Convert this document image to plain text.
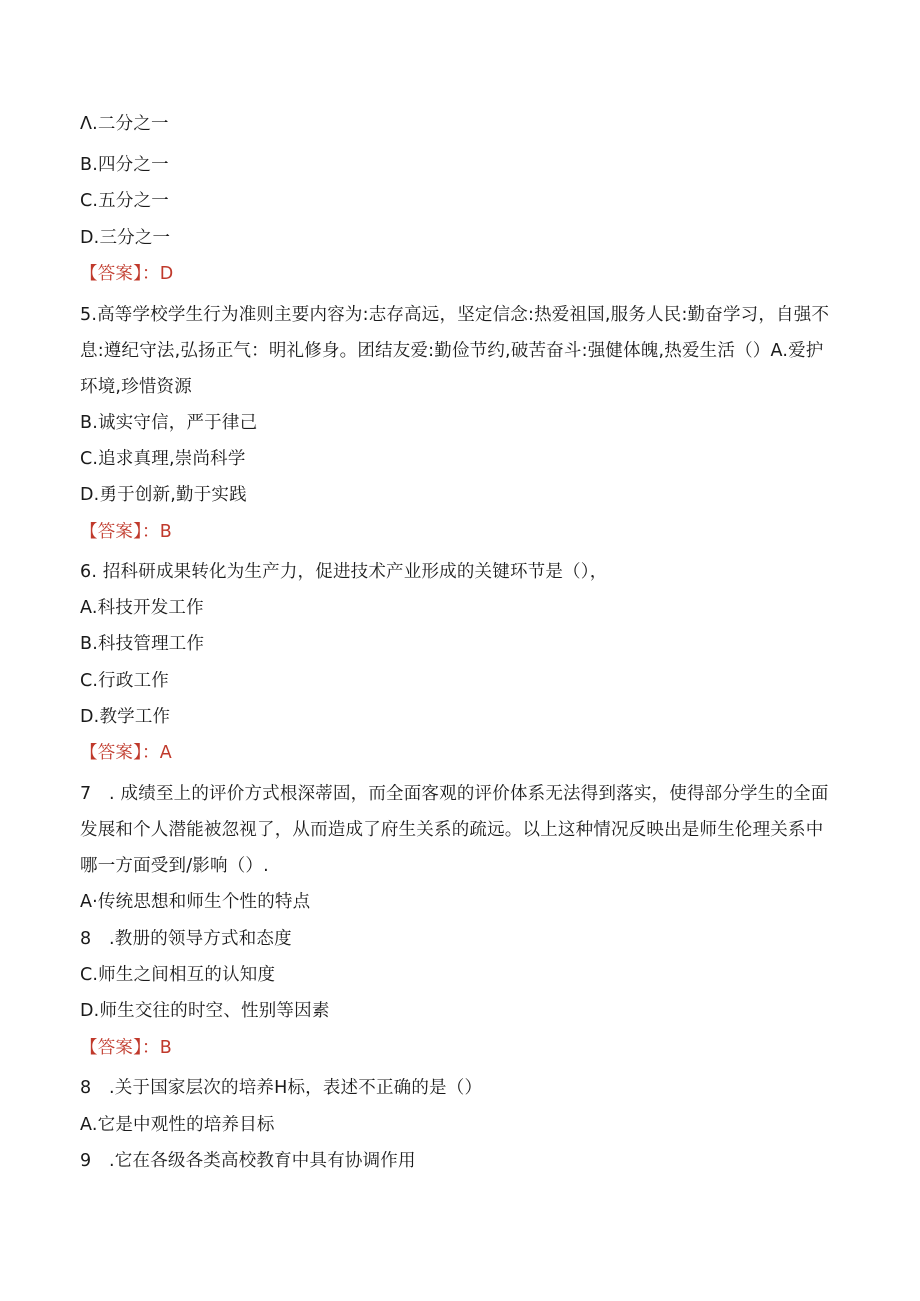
Λ.二分之一
B.四分之一
C.五分之一
D.三分之一
【答案】：D
5.高等学校学生行为准则主要内容为:志存高远，坚定信念:热爱祖国,服务人民:勤奋学习，自强不息:遵纪守法,弘扬正气：明礼修身。团结友爱:勤俭节约,破苦奋斗:强健体魄,热爱生活（）A.爱护环境,珍惜资源
B.诚实守信，严于律己
C.追求真理,崇尚科学
D.勇于创新,勤于实践
【答案】：B
6. 招科研成果转化为生产力，促进技术产业形成的关键环节是（），
A.科技开发工作
B.科技管理工作
C.行政工作
D.教学工作
【答案】：A
7　. 成绩至上的评价方式根深蒂固，而全面客观的评价体系无法得到落实，使得部分学生的全面发展和个人潜能被忽视了，从而造成了府生关系的疏远。以上这种情况反映出是师生伦理关系中哪一方面受到/影响（）.
A·传统思想和师生个性的特点
8　.教册的领导方式和态度
C.师生之间相互的认知度
D.师生交往的时空、性别等因素
【答案】：B
8　.关于国家层次的培养H标，表述不正确的是（）
A.它是中观性的培养目标
9　.它在各级各类高校教育中具有协调作用
